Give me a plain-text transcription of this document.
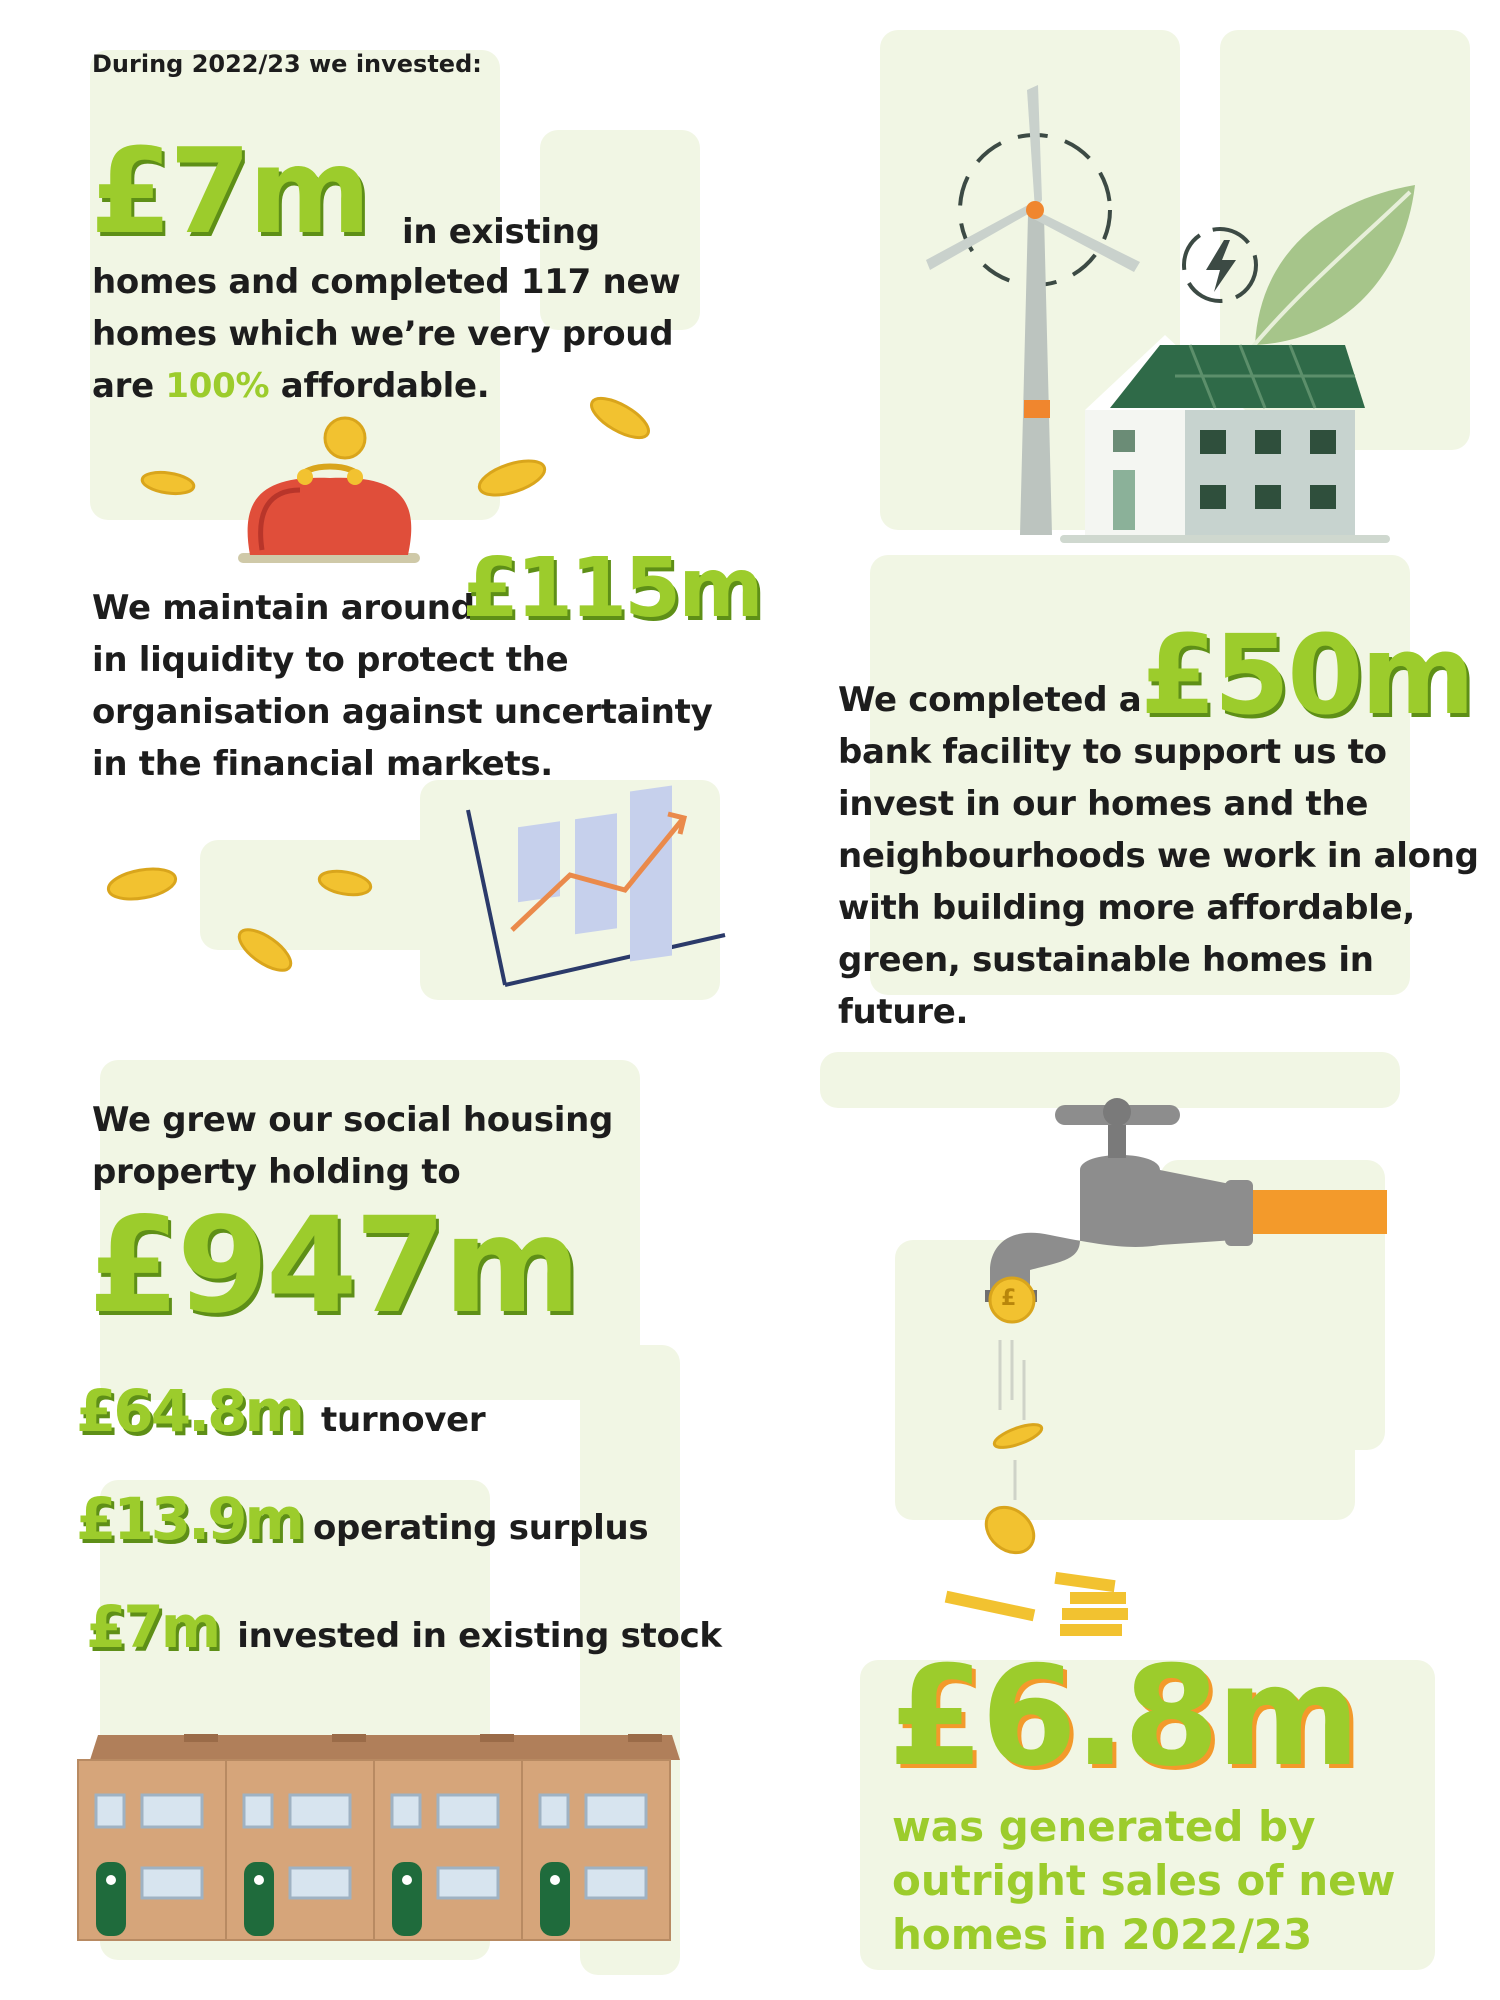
During 2022/23 we invested:
£7m in existing
homes and completed 117 new
homes which we’re very proud
are 100% affordable.
We maintain around
£115m
in liquidity to protect the
organisation against uncertainty
in the financial markets.
We completed a
£50m
bank facility to support us to
invest in our homes and the
neighbourhoods we work in along
with building more affordable,
green, sustainable homes in future.
We grew our social housing
property holding to
£947m
£64.8m turnover
£13.9m operating surplus
£7m invested in existing stock
£
£6.8m
was generated by
outright sales of new
homes in 2022/23
